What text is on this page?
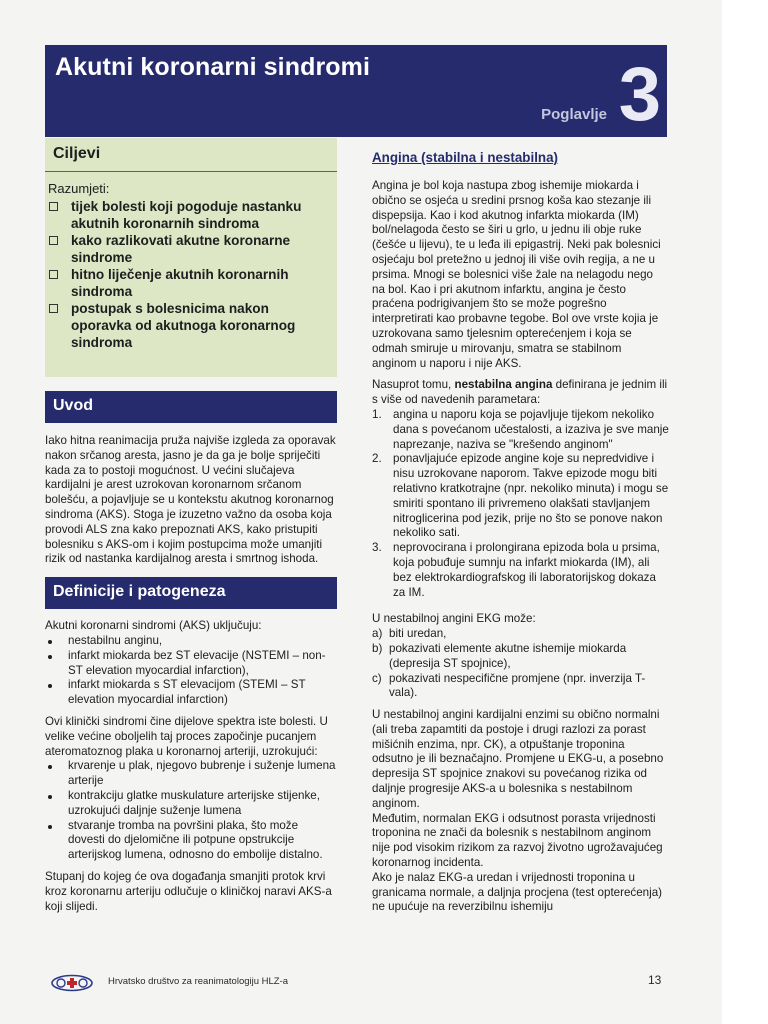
Akutni koronarni sindromi
Poglavlje 3
Ciljevi
Razumjeti:
tijek bolesti koji pogoduje nastanku akutnih koronarnih sindroma
kako razlikovati akutne koronarne sindrome
hitno liječenje akutnih koronarnih sindroma
postupak s bolesnicima nakon oporavka od akutnoga koronarnog sindroma
Uvod

Iako hitna reanimacija pruža najviše izgleda za oporavak nakon srčanog aresta, jasno je da ga je bolje spriječiti kada za to postoji mogućnost. U većini slučajeva kardijalni je arest uzrokovan koronarnom srčanom bolešću, a pojavljuje se u kontekstu akutnog koronarnog sindroma (AKS). Stoga je izuzetno važno da osoba koja provodi ALS zna kako prepoznati AKS, kako pristupiti bolesniku s AKS-om i kojim postupcima može umanjiti rizik od nastanka kardijalnog aresta i smrtnog ishoda.

Definicije i patogeneza

Akutni koronarni sindromi (AKS) uključuju:

nestabilnu anginu,
infarkt miokarda bez ST elevacije (NSTEMI – non-ST elevation myocardial infarction),
infarkt miokarda s ST elevacijom (STEMI – ST elevation myocardial infarction)

Ovi klinički sindromi čine dijelove spektra iste bolesti. U velike većine oboljelih taj proces započinje pucanjem ateromatoznog plaka u koronarnoj arteriji, uzrokujući:

krvarenje u plak, njegovo bubrenje i suženje lumena arterije
kontrakciju glatke muskulature arterijske stijenke, uzrokujući daljnje suženje lumena
stvaranje tromba na površini plaka, što može dovesti do djelomične ili potpune opstrukcije arterijskog lumena, odnosno do embolije distalno.

Stupanj do kojeg će ova događanja smanjiti protok krvi kroz koronarnu arteriju odlučuje o kliničkoj naravi AKS-a koji slijedi.

Angina (stabilna i nestabilna)

Angina je bol koja nastupa zbog ishemije miokarda i obično se osjeća u sredini prsnog koša kao stezanje ili dispepsija. Kao i kod akutnog infarkta miokarda (IM) bol/nelagoda često se širi u grlo, u jednu ili obje ruke (češće u lijevu), te u leđa ili epigastrij. Neki pak bolesnici osjećaju bol pretežno u jednoj ili više ovih regija, a ne u prsima. Mnogi se bolesnici više žale na nelagodu nego na bol. Kao i pri akutnom infarktu, angina je često praćena podrigivanjem što se može pogrešno interpretirati kao probavne tegobe. Bol ove vrste kojia je uzrokovana samo tjelesnim opterećenjem i koja se odmah smiruje u mirovanju, smatra se stabilnom anginom u naporu i nije AKS.

Nasuprot tomu, nestabilna angina definirana je jednim ili s više od navedenih parametara:

1. angina u naporu koja se pojavljuje tijekom nekoliko dana s povećanom učestalosti, a izaziva je sve manje naprezanje, naziva se "krešendo anginom"
2. ponavljajuće epizode angine koje su nepredvidive i nisu uzrokovane naporom. Takve epizode mogu biti relativno kratkotrajne (npr. nekoliko minuta) i mogu se smiriti spontano ili privremeno olakšati stavljanjem nitroglicerina pod jezik, prije no što se ponove nakon nekoliko sati.
3. neprovocirana i prolongirana epizoda bola u prsima, koja pobuđuje sumnju na infarkt miokarda (IM), ali bez elektrokardiografskog ili laboratorijskog dokaza za IM.

U nestabilnoj angini EKG može:

a) biti uredan,
b) pokazivati elemente akutne ishemije miokarda (depresija ST spojnice),
c) pokazivati nespecifične promjene (npr. inverzija T-vala).

U nestabilnoj angini kardijalni enzimi su obično normalni (ali treba zapamtiti da postoje i drugi razlozi za porast mišićnih enzima, npr. CK), a otpuštanje troponina odsutno je ili beznačajno. Promjene u EKG-u, a posebno depresija ST spojnice znakovi su povećanog rizika od daljnje progresije AKS-a u bolesnika s nestabilnom anginom.

Međutim, normalan EKG i odsutnost porasta vrijednosti troponina ne znači da bolesnik s nestabilnom anginom nije pod visokim rizikom za razvoj životno ugrožavajućeg koronarnog incidenta.

Ako je nalaz EKG-a uredan i vrijednosti troponina u granicama normale, a daljnja procjena (test opterećenja) ne upućuje na reverzibilnu ishemiju

Hrvatsko društvo za reanimatologiju HLZ-a	13
